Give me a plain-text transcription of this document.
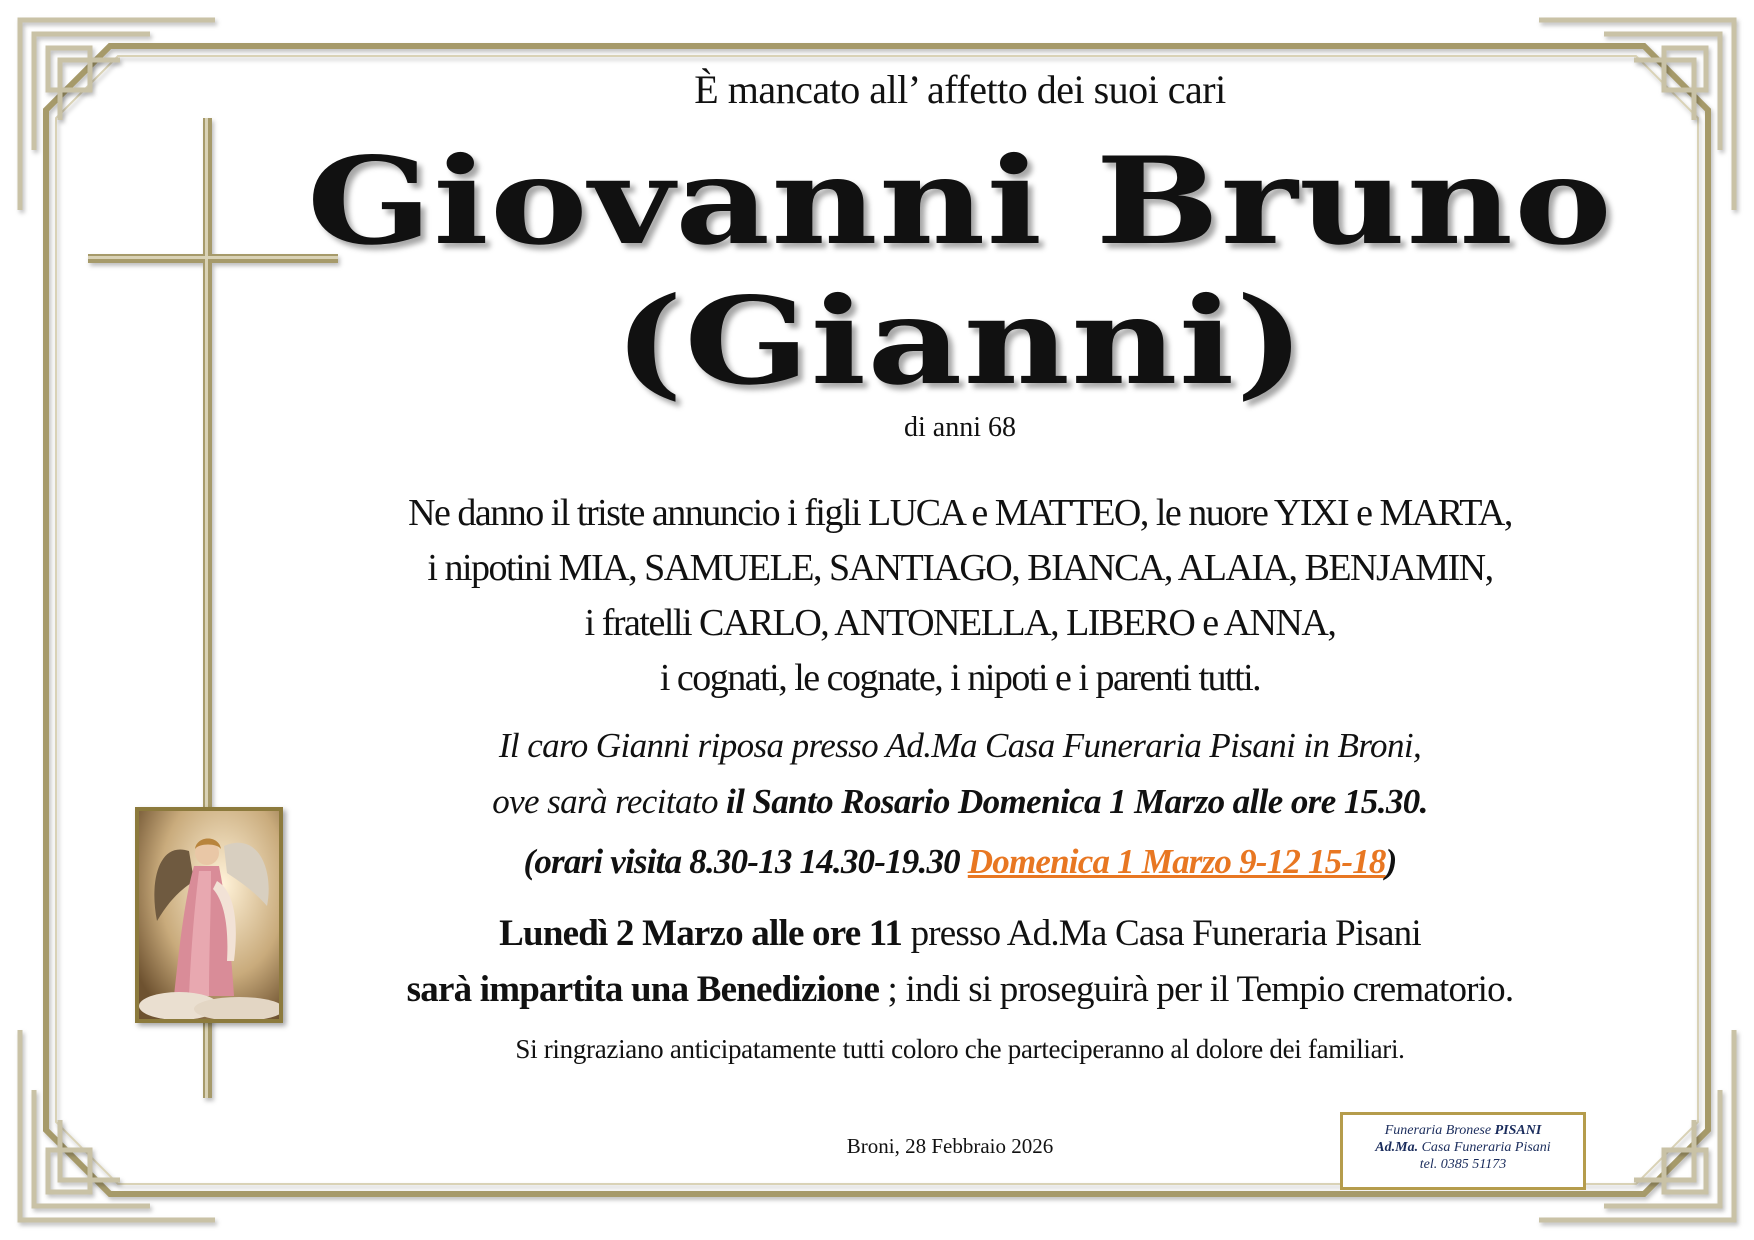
È mancato all’ affetto dei suoi cari
Giovanni Bruno
(Gianni)
di anni 68
Ne danno il triste annuncio i figli LUCA e MATTEO, le nuore YIXI e MARTA,
i nipotini MIA, SAMUELE, SANTIAGO, BIANCA, ALAIA, BENJAMIN,
i fratelli CARLO, ANTONELLA, LIBERO e ANNA,
i cognati, le cognate, i nipoti e i parenti tutti.
Il caro Gianni riposa presso Ad.Ma Casa Funeraria Pisani in Broni,
ove sarà recitato il Santo Rosario Domenica 1 Marzo alle ore 15.30.
(orari visita 8.30-13 14.30-19.30 Domenica 1 Marzo 9-12 15-18)
Lunedì 2 Marzo alle ore 11 presso Ad.Ma Casa Funeraria Pisani
sarà impartita una Benedizione ; indi si proseguirà per il Tempio crematorio.
Si ringraziano anticipatamente tutti coloro che parteciperanno al dolore dei familiari.
Broni, 28 Febbraio 2026
Funeraria Bronese PISANI
Ad.Ma. Casa Funeraria Pisani
tel. 0385 51173
